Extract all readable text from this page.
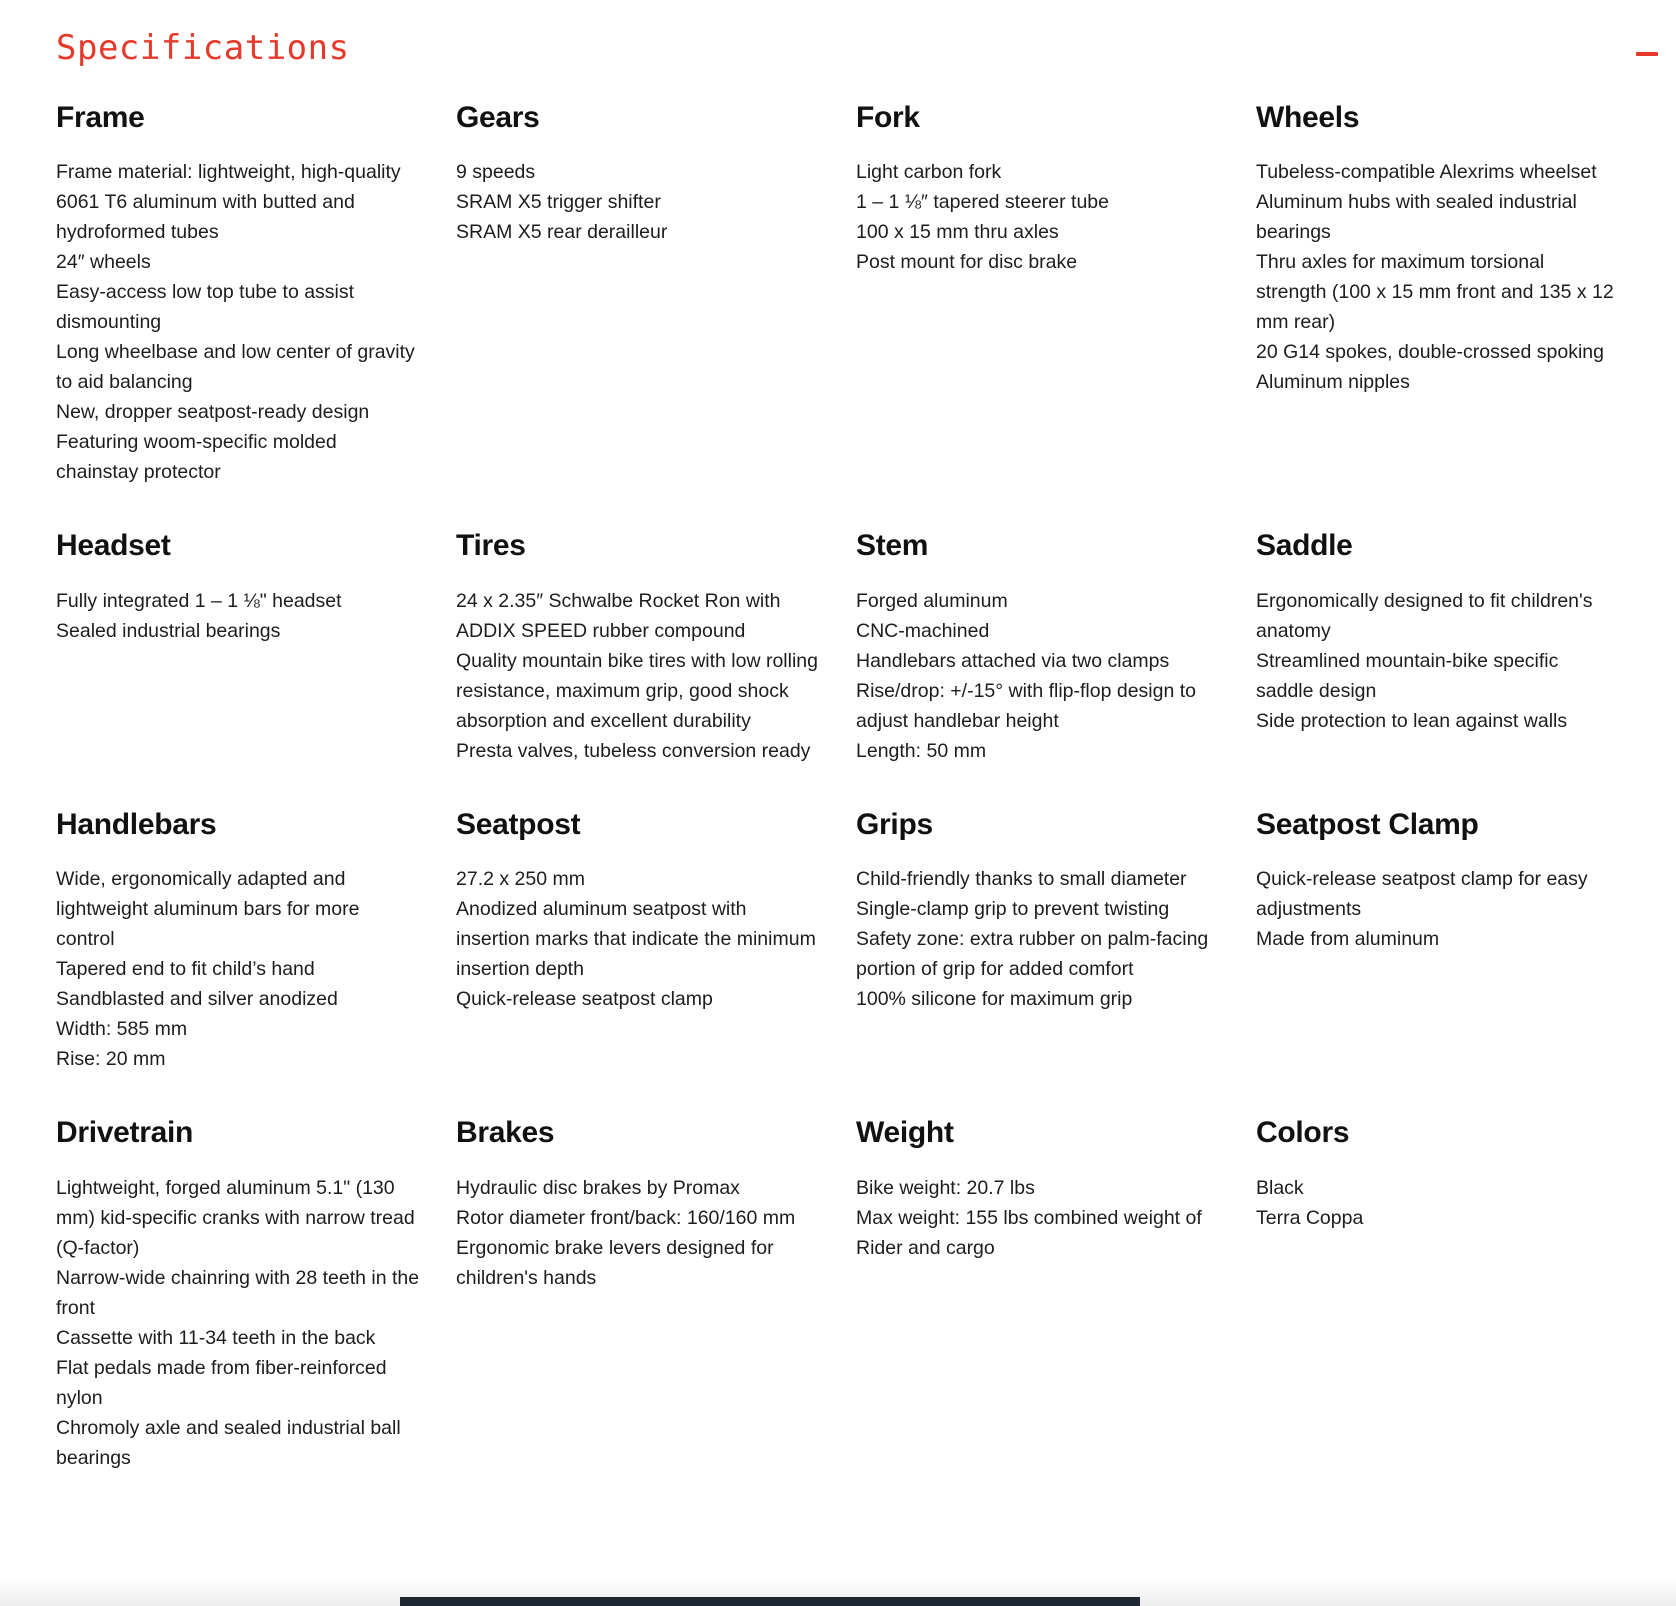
Specifications
Frame

Frame material: lightweight, high-quality 6061 T6 aluminum with butted and hydroformed tubes

24″ wheels

Easy-access low top tube to assist dismounting

Long wheelbase and low center of gravity to aid balancing

New, dropper seatpost-ready design

Featuring woom-specific molded chainstay protector

Gears

9 speeds

SRAM X5 trigger shifter

SRAM X5 rear derailleur

Fork

Light carbon fork

1 – 1 ⅛″ tapered steerer tube

100 x 15 mm thru axles

Post mount for disc brake

Wheels

Tubeless-compatible Alexrims wheelset

Aluminum hubs with sealed industrial bearings

Thru axles for maximum torsional strength (100 x 15 mm front and 135 x 12 mm rear)

20 G14 spokes, double-crossed spoking

Aluminum nipples

Headset

Fully integrated 1 – 1 ⅛" headset

Sealed industrial bearings

Tires

24 x 2.35″ Schwalbe Rocket Ron with ADDIX SPEED rubber compound

Quality mountain bike tires with low rolling resistance, maximum grip, good shock absorption and excellent durability

Presta valves, tubeless conversion ready

Stem

Forged aluminum

CNC-machined

Handlebars attached via two clamps

Rise/drop: +/-15° with flip-flop design to adjust handlebar height

Length: 50 mm

Saddle

Ergonomically designed to fit children's anatomy

Streamlined mountain-bike specific saddle design

Side protection to lean against walls

Handlebars

Wide, ergonomically adapted and lightweight aluminum bars for more control

Tapered end to fit child’s hand

Sandblasted and silver anodized

Width: 585 mm

Rise: 20 mm

Seatpost

27.2 x 250 mm

Anodized aluminum seatpost with insertion marks that indicate the minimum insertion depth

Quick-release seatpost clamp

Grips

Child-friendly thanks to small diameter

Single-clamp grip to prevent twisting

Safety zone: extra rubber on palm-facing portion of grip for added comfort

100% silicone for maximum grip

Seatpost Clamp

Quick-release seatpost clamp for easy adjustments

Made from aluminum

Drivetrain

Lightweight, forged aluminum 5.1" (130 mm) kid-specific cranks with narrow tread (Q-factor)

Narrow-wide chainring with 28 teeth in the front

Cassette with 11-34 teeth in the back

Flat pedals made from fiber-reinforced nylon

Chromoly axle and sealed industrial ball bearings

Brakes

Hydraulic disc brakes by Promax

Rotor diameter front/back: 160/160 mm

Ergonomic brake levers designed for children's hands

Weight

Bike weight: 20.7 lbs

Max weight: 155 lbs combined weight of Rider and cargo

Colors

Black

Terra Coppa
